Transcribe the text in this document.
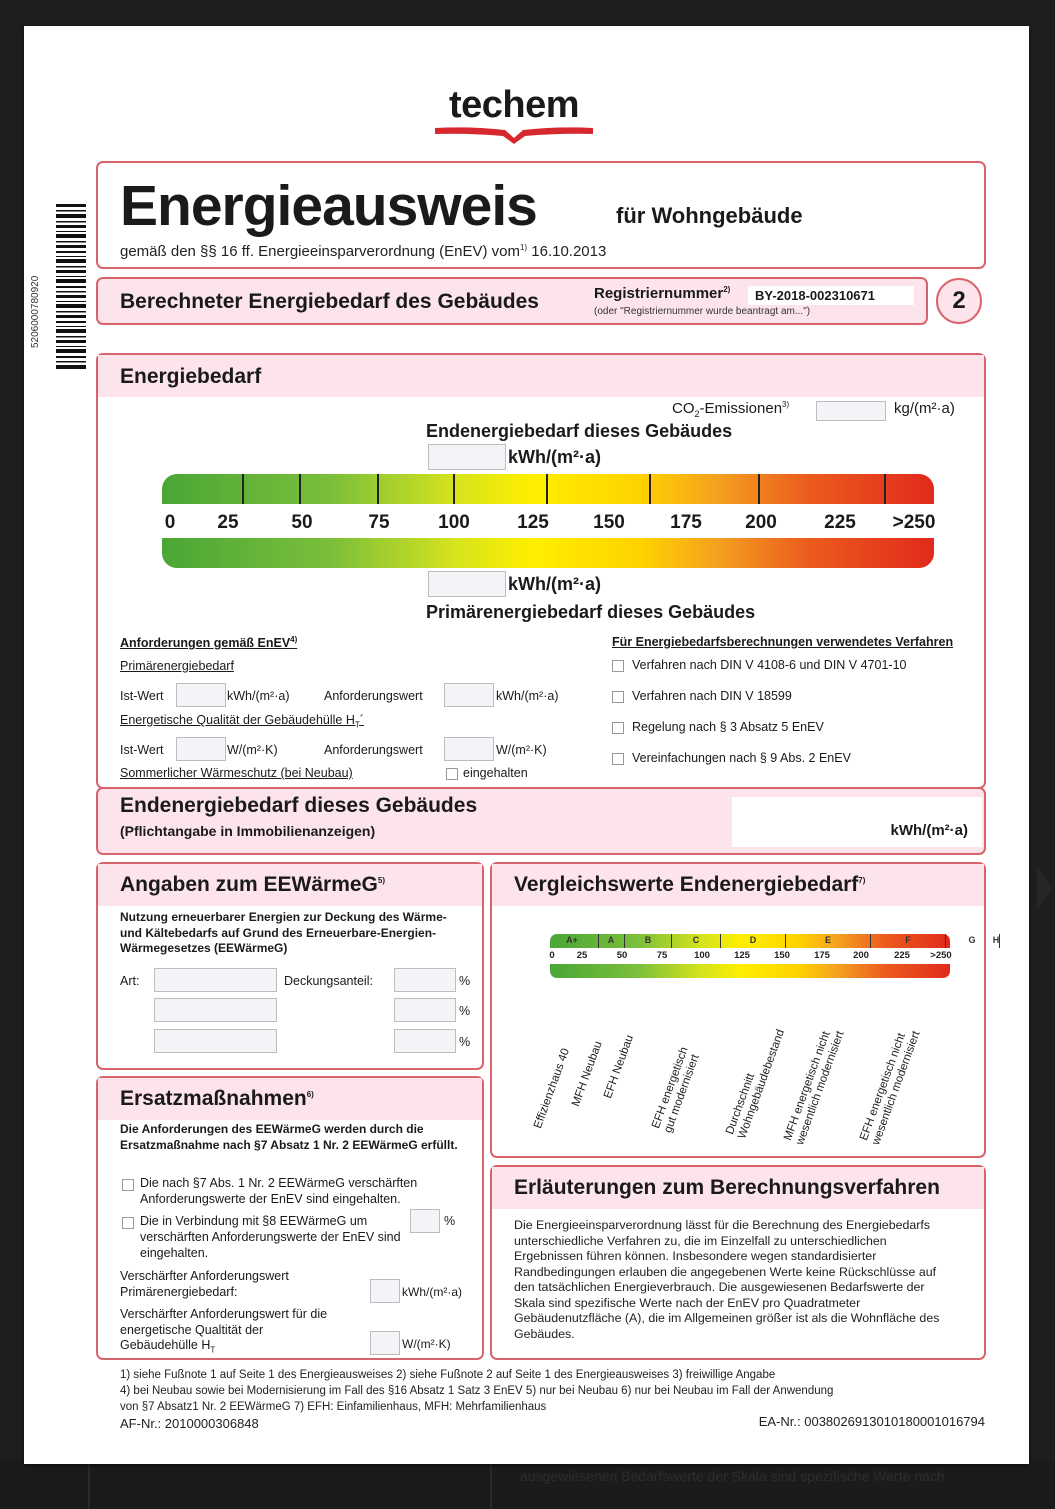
ausgewiesenen Bedarfswerte der Skala sind spezifische Werte nach
techem
5206000780920
Energieausweis	für Wohngebäude
gemäß den §§ 16 ff. Energieeinsparverordnung (EnEV) vom$^{1)}$ 16.10.2013
Berechneter Energiebedarf des Gebäudes	Registriernummer$^{2)}$	BY-2018-002310671
(oder "Registriernummer wurde beantragt am...")	2
Energiebedarf
$CO_2-Emissionen^{3)}$	kg/(m²·a)
Endenergiebedarf dieses Gebäudes
kWh/(m²·a)
0 25	50	75	100 125 150 175 200 225 >250
kWh/(m²·a)
Primärenergiebedarf dieses Gebäudes
Anforderungen gemäß EnEV$^{4)}$
Primärenergiebedarf
Ist-Wert	kWh/(m²·a)	Anforderungswert	kWh/(m²·a)
Energetische Qualität der Gebäudehülle $H_T´$
Ist-Wert	W/(m²·K)	Anforderungswert	W/(m²·K)
Sommerlicher Wärmeschutz (bei Neubau)	eingehalten
Für Energiebedarfsberechnungen verwendetes Verfahren
Verfahren nach DIN V 4108-6 und DIN V 4701-10
Verfahren nach DIN V 18599
Regelung nach § 3 Absatz 5 EnEV
Vereinfachungen nach § 9 Abs. 2 EnEV
Endenergiebedarf dieses Gebäudes
(Pflichtangabe in Immobilienanzeigen)	kWh/(m²·a)
Angaben zum EEWärmeG$^{5)}$
Nutzung erneuerbarer Energien zur Deckung des Wärme- und Kältebedarfs auf Grund des Erneuerbare-Energien-Wärmegesetzes (EEWärmeG)
Art:	Deckungsanteil:	%
%
%
Vergleichswerte Endenergiebedarf$^{7)}$
A+	A	B	C	D	E	F	G H
0 25	50	75	100	125	150	175 200	225 >250
Effizienzhaus 40
MFH Neubau
EFH Neubau EFH energetisch
gut modernisiert Durchschnitt
Wohngebäudebestand
MFH energetisch nicht
wesentlich modernisiert EFH energetisch nicht
wesentlich modernisiert
Ersatzmaßnahmen$^{6)}$
Die Anforderungen des EEWärmeG werden durch die Ersatzmaßnahme nach §7 Absatz 1 Nr. 2 EEWärmeG erfüllt.
Die nach §7 Abs. 1 Nr. 2 EEWärmeG verschärften Anforderungswerte der EnEV sind eingehalten.
Die in Verbindung mit §8 EEWärmeG um	%
verschärften Anforderungswerte der EnEV sind eingehalten.
Verschärfter Anforderungswert Primärenergiebedarf:	kWh/(m²·a)
Verschärfter Anforderungswert für die energetische Qualtität der Gebäudehülle $H_T$	W/(m²·K)
Erläuterungen zum Berechnungsverfahren
Die Energieeinsparverordnung lässt für die Berechnung des Energiebedarfs unterschiedliche Verfahren zu, die im Einzelfall zu unterschiedlichen Ergebnissen führen können. Insbesondere wegen standardisierter Randbedingungen erlauben die angegebenen Werte keine Rückschlüsse auf den tatsächlichen Energieverbrauch. Die ausgewiesenen Bedarfswerte der Skala sind spezifische Werte nach der EnEV pro Quadratmeter Gebäudenutzfläche (A), die im Allgemeinen größer ist als die Wohnfläche des Gebäudes.
1) siehe Fußnote 1 auf Seite 1 des Energieausweises 2) siehe Fußnote 2 auf Seite 1 des Energieausweises 3) freiwillige Angabe
4) bei Neubau sowie bei Modernisierung im Fall des §16 Absatz 1 Satz 3 EnEV 5) nur bei Neubau 6) nur bei Neubau im Fall der Anwendung
von §7 Absatz1 Nr. 2 EEWärmeG 7) EFH: Einfamilienhaus, MFH: Mehrfamilienhaus
AF-Nr.: 2010000306848	EA-Nr.: 00380269130101800010167​94
